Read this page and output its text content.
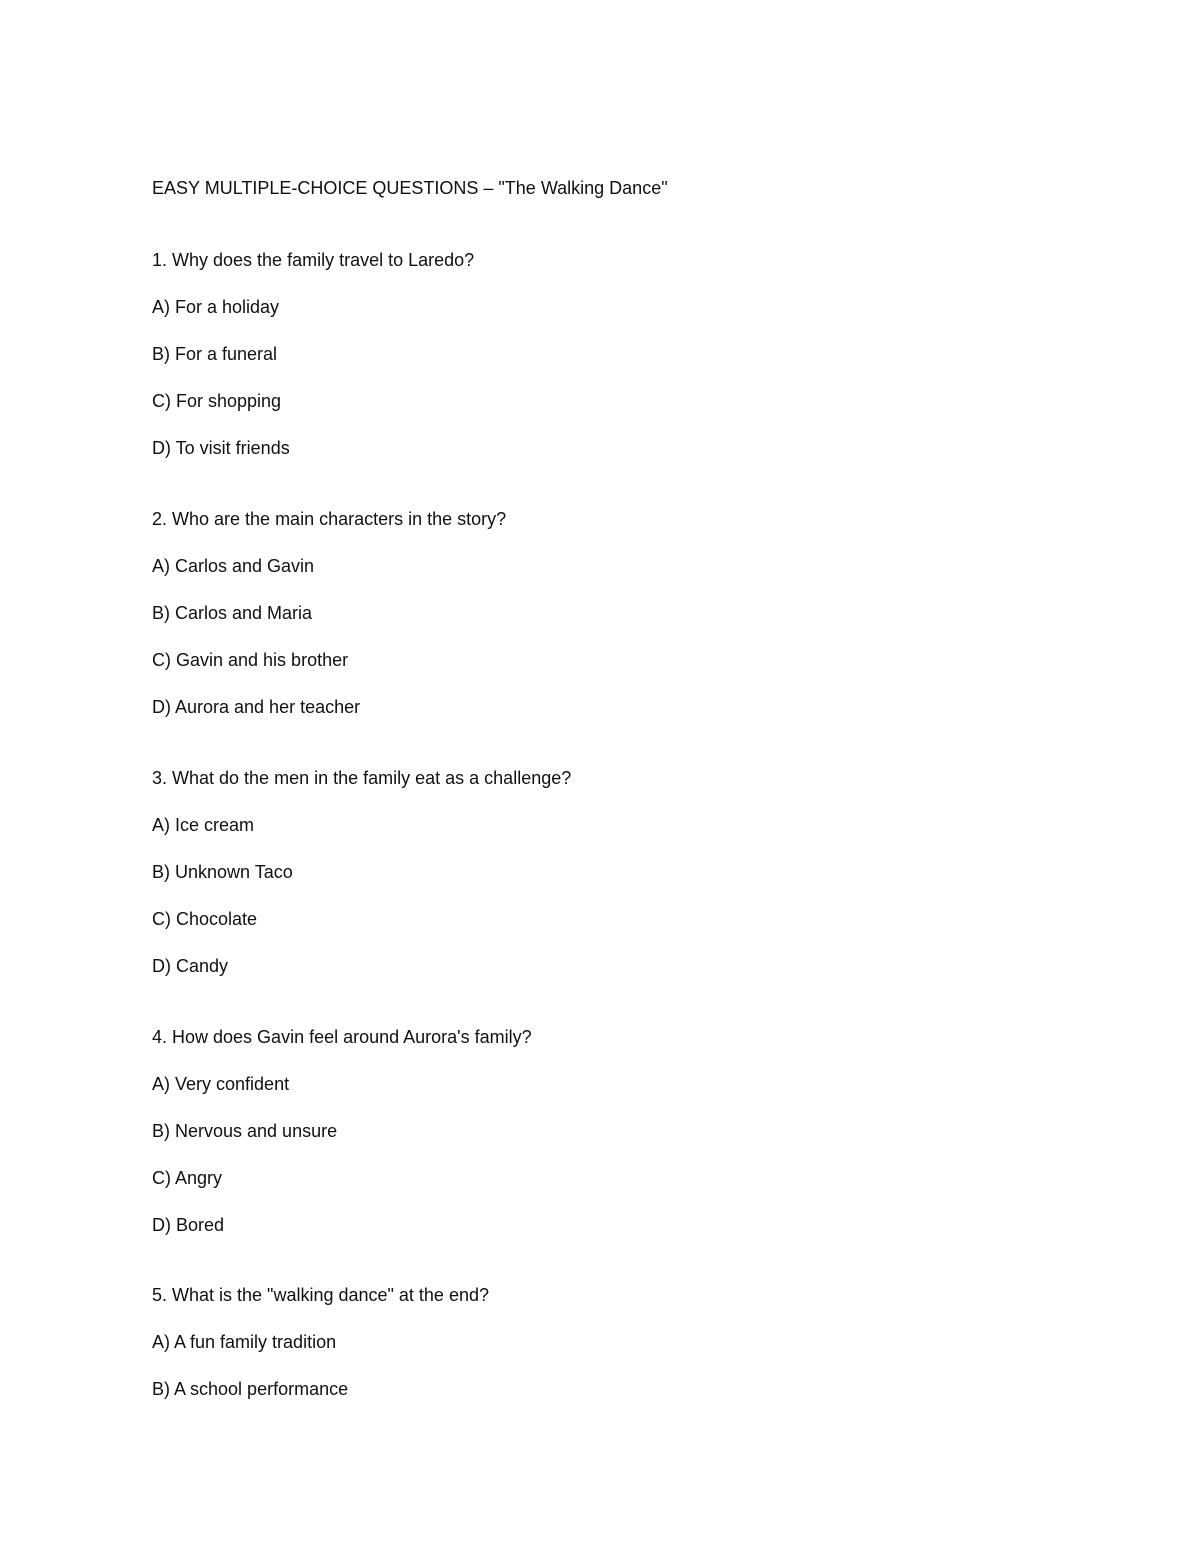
EASY MULTIPLE-CHOICE QUESTIONS – "The Walking Dance"
1. Why does the family travel to Laredo?
A) For a holiday
B) For a funeral
C) For shopping
D) To visit friends
2. Who are the main characters in the story?
A) Carlos and Gavin
B) Carlos and Maria
C) Gavin and his brother
D) Aurora and her teacher
3. What do the men in the family eat as a challenge?
A) Ice cream
B) Unknown Taco
C) Chocolate
D) Candy
4. How does Gavin feel around Aurora's family?
A) Very confident
B) Nervous and unsure
C) Angry
D) Bored
5. What is the "walking dance" at the end?
A) A fun family tradition
B) A school performance
